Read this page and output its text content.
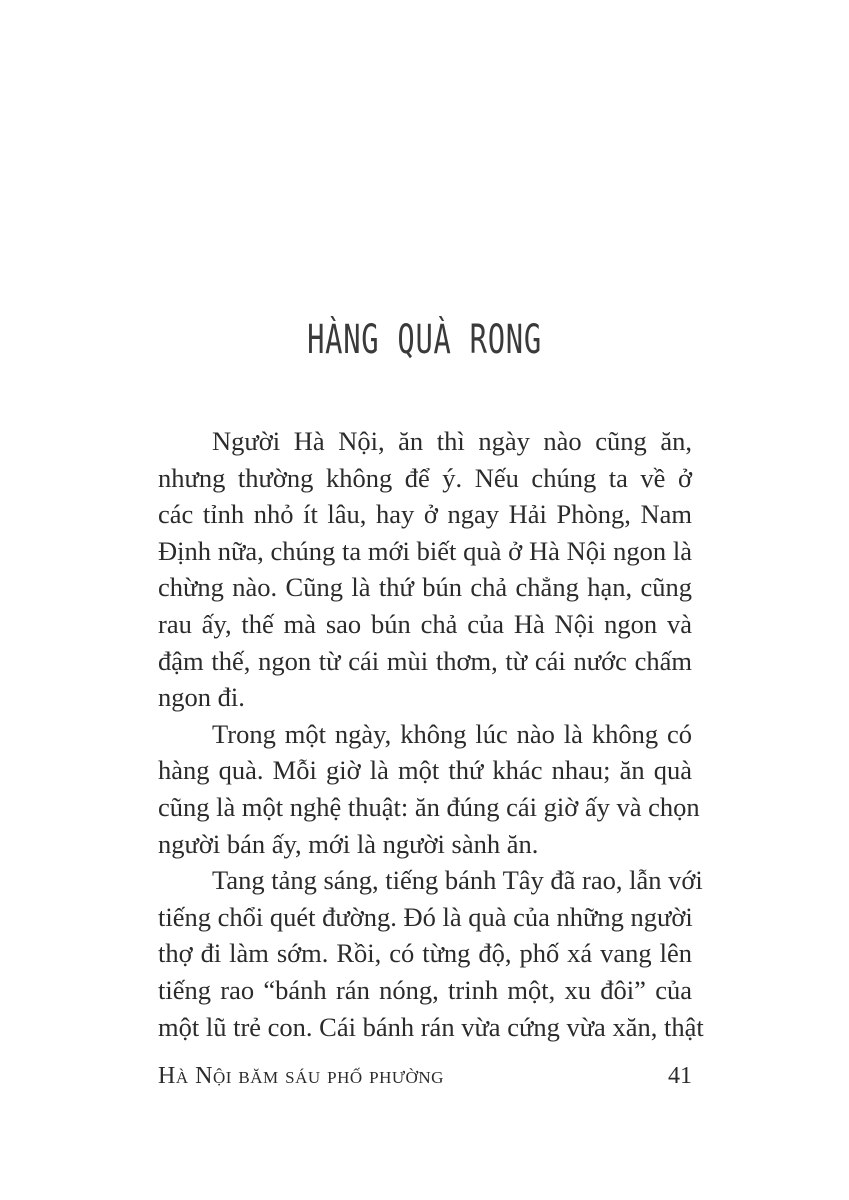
HÀNG QUÀ RONG
Người Hà Nội, ăn thì ngày nào cũng ăn,
nhưng thường không để ý. Nếu chúng ta về ở
các tỉnh nhỏ ít lâu, hay ở ngay Hải Phòng, Nam
Định nữa, chúng ta mới biết quà ở Hà Nội ngon là
chừng nào. Cũng là thứ bún chả chẳng hạn, cũng
rau ấy, thế mà sao bún chả của Hà Nội ngon và
đậm thế, ngon từ cái mùi thơm, từ cái nước chấm
ngon đi.
Trong một ngày, không lúc nào là không có
hàng quà. Mỗi giờ là một thứ khác nhau; ăn quà
cũng là một nghệ thuật: ăn đúng cái giờ ấy và chọn
người bán ấy, mới là người sành ăn.
Tang tảng sáng, tiếng bánh Tây đã rao, lẫn với
tiếng chổi quét đường. Đó là quà của những người
thợ đi làm sớm. Rồi, có từng độ, phố xá vang lên
tiếng rao “bánh rán nóng, trinh một, xu đôi” của
một lũ trẻ con. Cái bánh rán vừa cứng vừa xăn, thật
Hà Nội băm sáu phố phường	41
